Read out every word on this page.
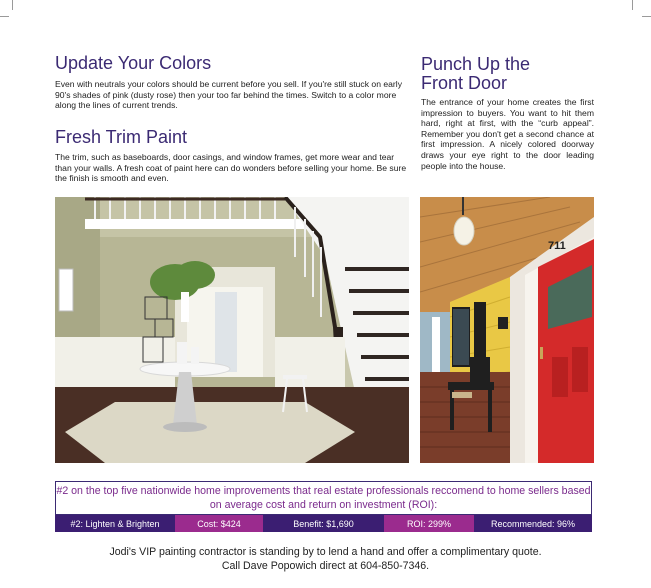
Update Your Colors

Even with neutrals your colors should be current before you sell. If you're still stuck on early 90's shades of pink (dusty rose) then your too far behind the times. Switch to a color more along the lines of current trends.

Fresh Trim Paint

The trim, such as baseboards, door casings, and window frames, get more wear and tear than your walls. A fresh coat of paint here can do wonders before selling your home. Be sure the finish is smooth and even.

Punch Up the
Front Door

The entrance of your home creates the first impression to buyers. You want to hit them hard, right at first, with the “curb appeal”. Remember you don't get a second chance at first impression. A nicely colored doorway draws your eye right to the door leading people into the house.

711
#2 on the top five nationwide home improvements that real estate professionals reccomend to home sellers based on average cost and return on investment (ROI):
#2: Lighten & Brighten	Cost: $424	Benefit: $1,690	ROI: 299%	Recommended: 96%
Jodi's VIP painting contractor is standing by to lend a hand and offer a complimentary quote.
Call Dave Popowich direct at 604-850-7346.
